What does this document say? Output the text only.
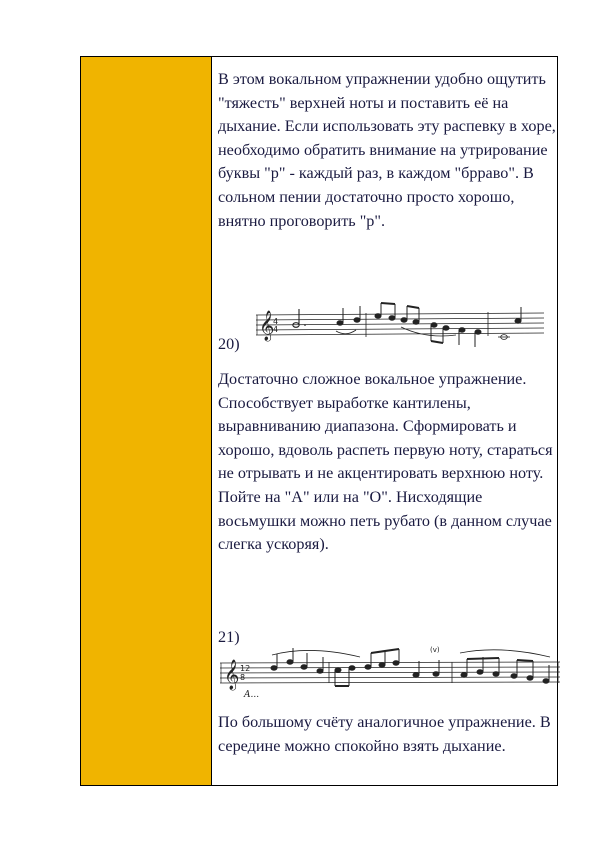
В этом вокальном упражнении удобно ощутить "тяжесть" верхней ноты и поставить её на дыхание. Если использовать эту распевку в хоре, необходимо обратить внимание на утрирование буквы "р" - каждый раз, в каждом "брраво". В сольном пении достаточно просто хорошо, внятно проговорить "р".

𝄞
4
4
20)

Достаточно сложное вокальное упражнение. Способствует выработке кантилены, выравниванию диапазона. Сформировать и хорошо, вдоволь распеть первую ноту, стараться не отрывать и не акцентировать верхнюю ноту. Пойте на "А" или на "О". Нисходящие восьмушки можно петь рубато (в данном случае слегка ускоряя).

21)
𝄞 12
8
A...
(v)

По большому счёту аналогичное упражнение. В середине можно спокойно взять дыхание.
